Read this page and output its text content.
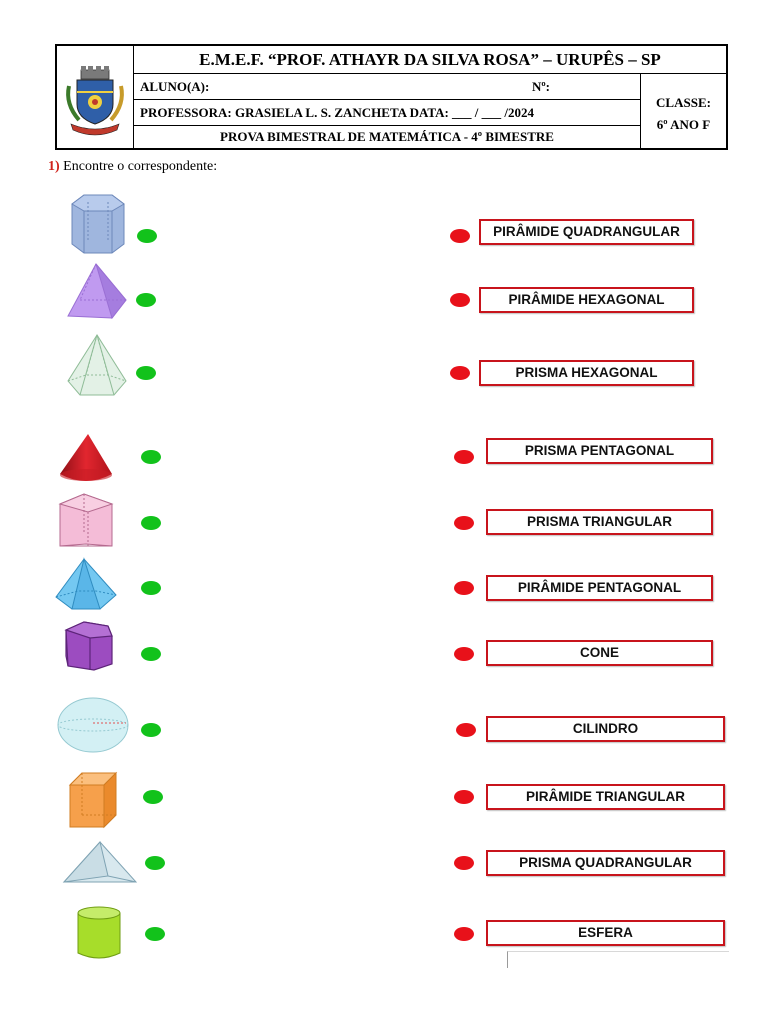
E.M.E.F. “PROF. ATHAYR DA SILVA ROSA” – URUPÊS – SP
ALUNO(A):	Nº:
PROFESSORA: GRASIELA L. S. ZANCHETA DATA: ___ / ___ /2024
PROVA BIMESTRAL DE MATEMÁTICA - 4º BIMESTRE
CLASSE:
6º ANO F
1) Encontre o correspondente:
PIRÂMIDE QUADRANGULAR
PIRÂMIDE HEXAGONAL
PRISMA HEXAGONAL
PRISMA PENTAGONAL
PRISMA TRIANGULAR
PIRÂMIDE PENTAGONAL
CONE
CILINDRO
PIRÂMIDE TRIANGULAR
PRISMA QUADRANGULAR
ESFERA
